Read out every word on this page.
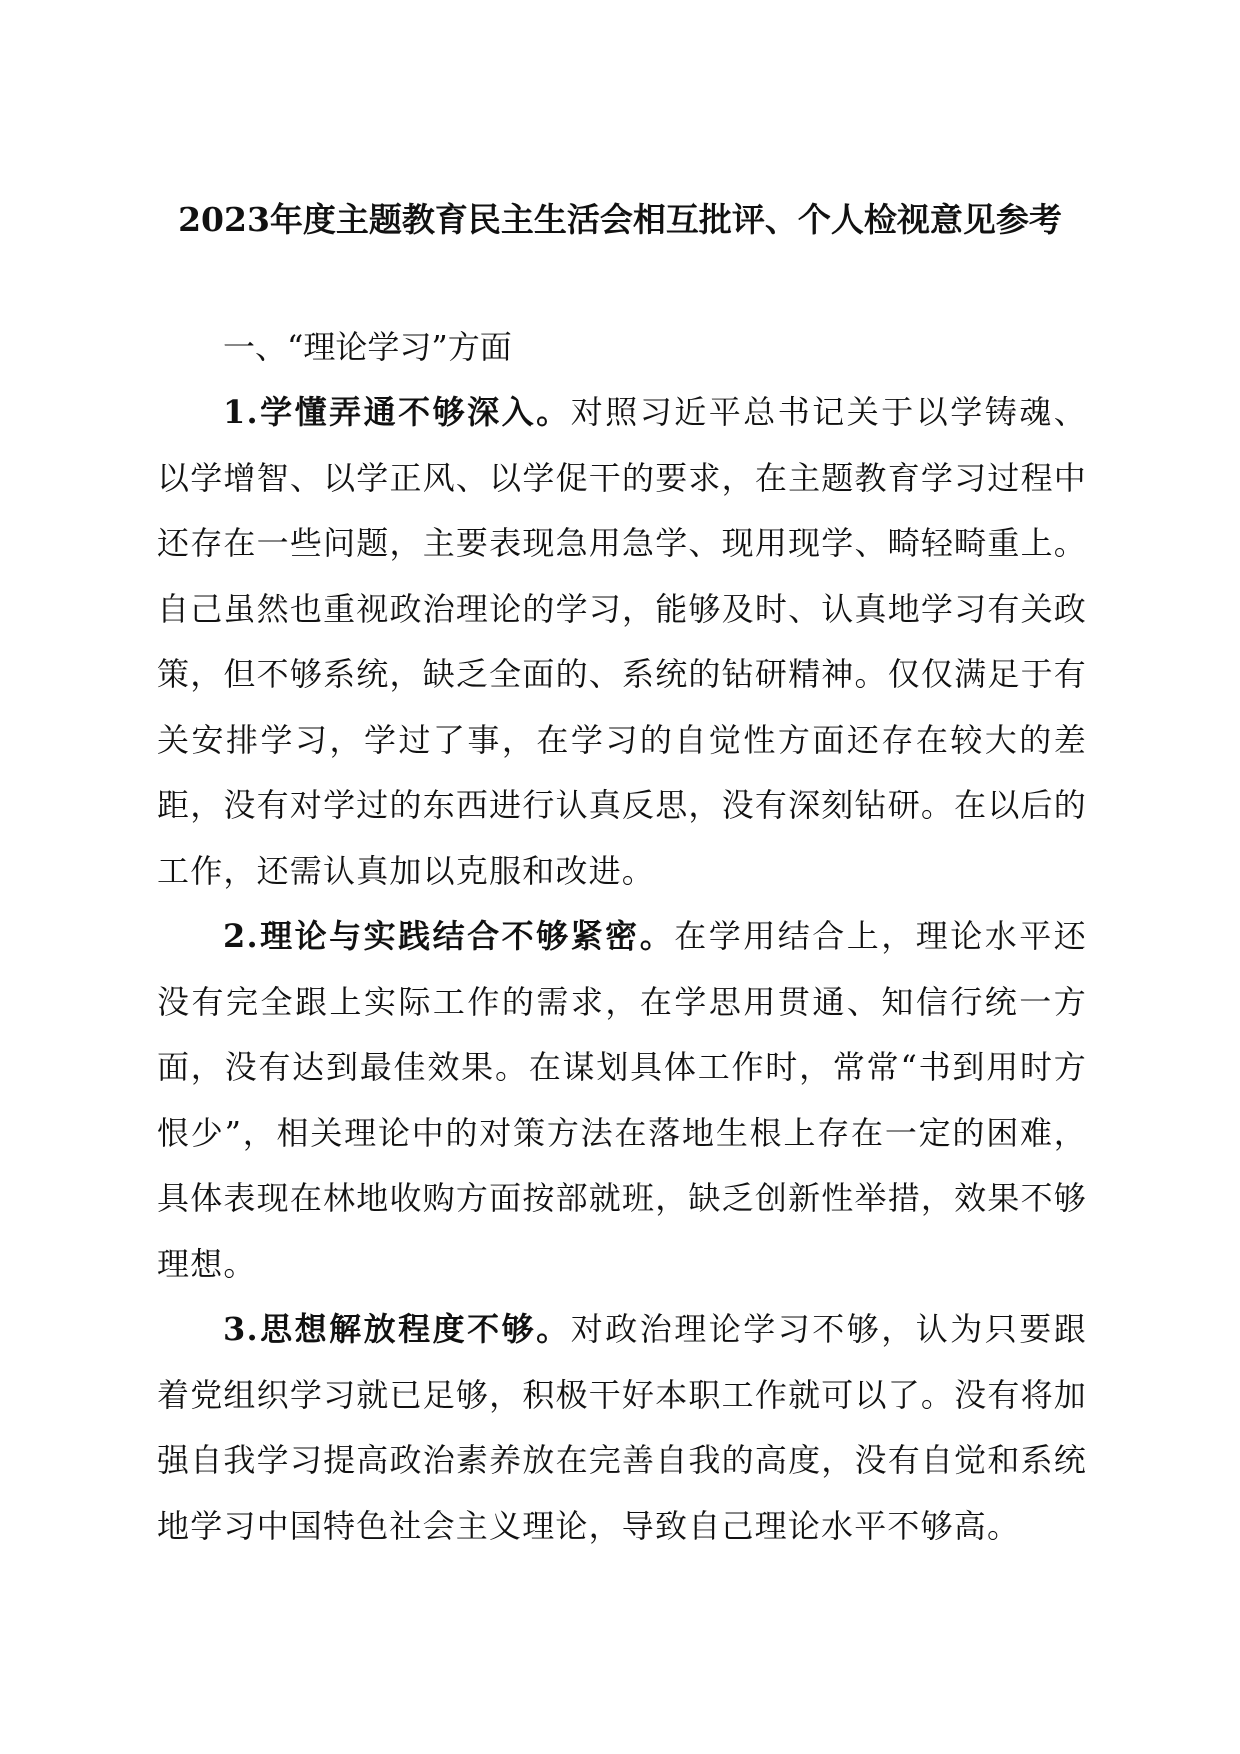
2023年度主题教育民主生活会相互批评、个人检视意见参考

一、“理论学习”方面

1.学懂弄通不够深入。对照习近平总书记关于以学铸魂、以学增智、以学正风、以学促干的要求，在主题教育学习过程中还存在一些问题，主要表现急用急学、现用现学、畸轻畸重上。自己虽然也重视政治理论的学习，能够及时、认真地学习有关政策，但不够系统，缺乏全面的、系统的钻研精神。仅仅满足于有关安排学习，学过了事，在学习的自觉性方面还存在较大的差距，没有对学过的东西进行认真反思，没有深刻钻研。在以后的工作，还需认真加以克服和改进。

2.理论与实践结合不够紧密。在学用结合上，理论水平还没有完全跟上实际工作的需求，在学思用贯通、知信行统一方面，没有达到最佳效果。在谋划具体工作时，常常“书到用时方恨少”，相关理论中的对策方法在落地生根上存在一定的困难，具体表现在林地收购方面按部就班，缺乏创新性举措，效果不够理想。

3.思想解放程度不够。对政治理论学习不够，认为只要跟着党组织学习就已足够，积极干好本职工作就可以了。没有将加强自我学习提高政治素养放在完善自我的高度，没有自觉和系统地学习中国特色社会主义理论，导致自己理论水平不够高。
